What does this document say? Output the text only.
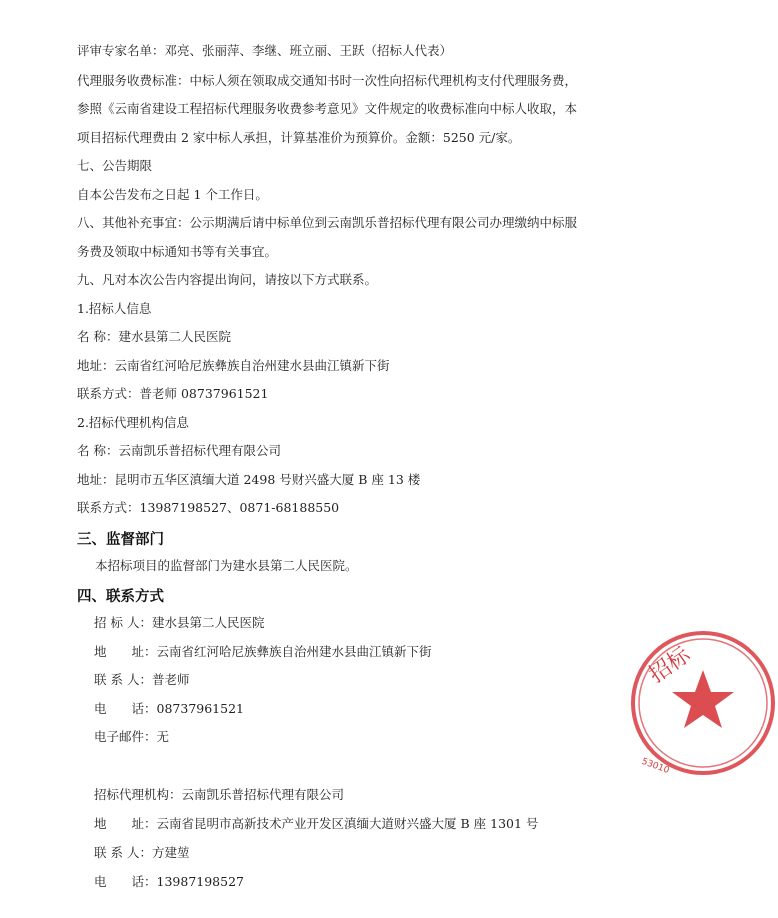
评审专家名单：邓亮、张丽萍、李继、班立丽、王跃（招标人代表）
代理服务收费标准：中标人须在领取成交通知书时一次性向招标代理机构支付代理服务费，
参照《云南省建设工程招标代理服务收费参考意见》文件规定的收费标准向中标人收取，本
项目招标代理费由 2 家中标人承担，计算基准价为预算价。金额：5250 元/家。
七、公告期限
自本公告发布之日起 1 个工作日。
八、其他补充事宜：公示期满后请中标单位到云南凯乐普招标代理有限公司办理缴纳中标服
务费及领取中标通知书等有关事宜。
九、凡对本次公告内容提出询问，请按以下方式联系。
1.招标人信息
名 称：建水县第二人民医院
地址：云南省红河哈尼族彝族自治州建水县曲江镇新下街
联系方式：普老师 08737961521
2.招标代理机构信息
名 称：云南凯乐普招标代理有限公司
地址：昆明市五华区滇缅大道 2498 号财兴盛大厦 B 座 13 楼
联系方式：13987198527、0871-68188550
三、监督部门
本招标项目的监督部门为建水县第二人民医院。
四、联系方式
招 标 人：建水县第二人民医院
地　　址：云南省红河哈尼族彝族自治州建水县曲江镇新下街
联 系 人：普老师
电　　话：08737961521
电子邮件：无
招标代理机构：云南凯乐普招标代理有限公司
地　　址：云南省昆明市高新技术产业开发区滇缅大道财兴盛大厦 B 座 1301 号
联 系 人：方建堃
电　　话：13987198527
招标
53010
